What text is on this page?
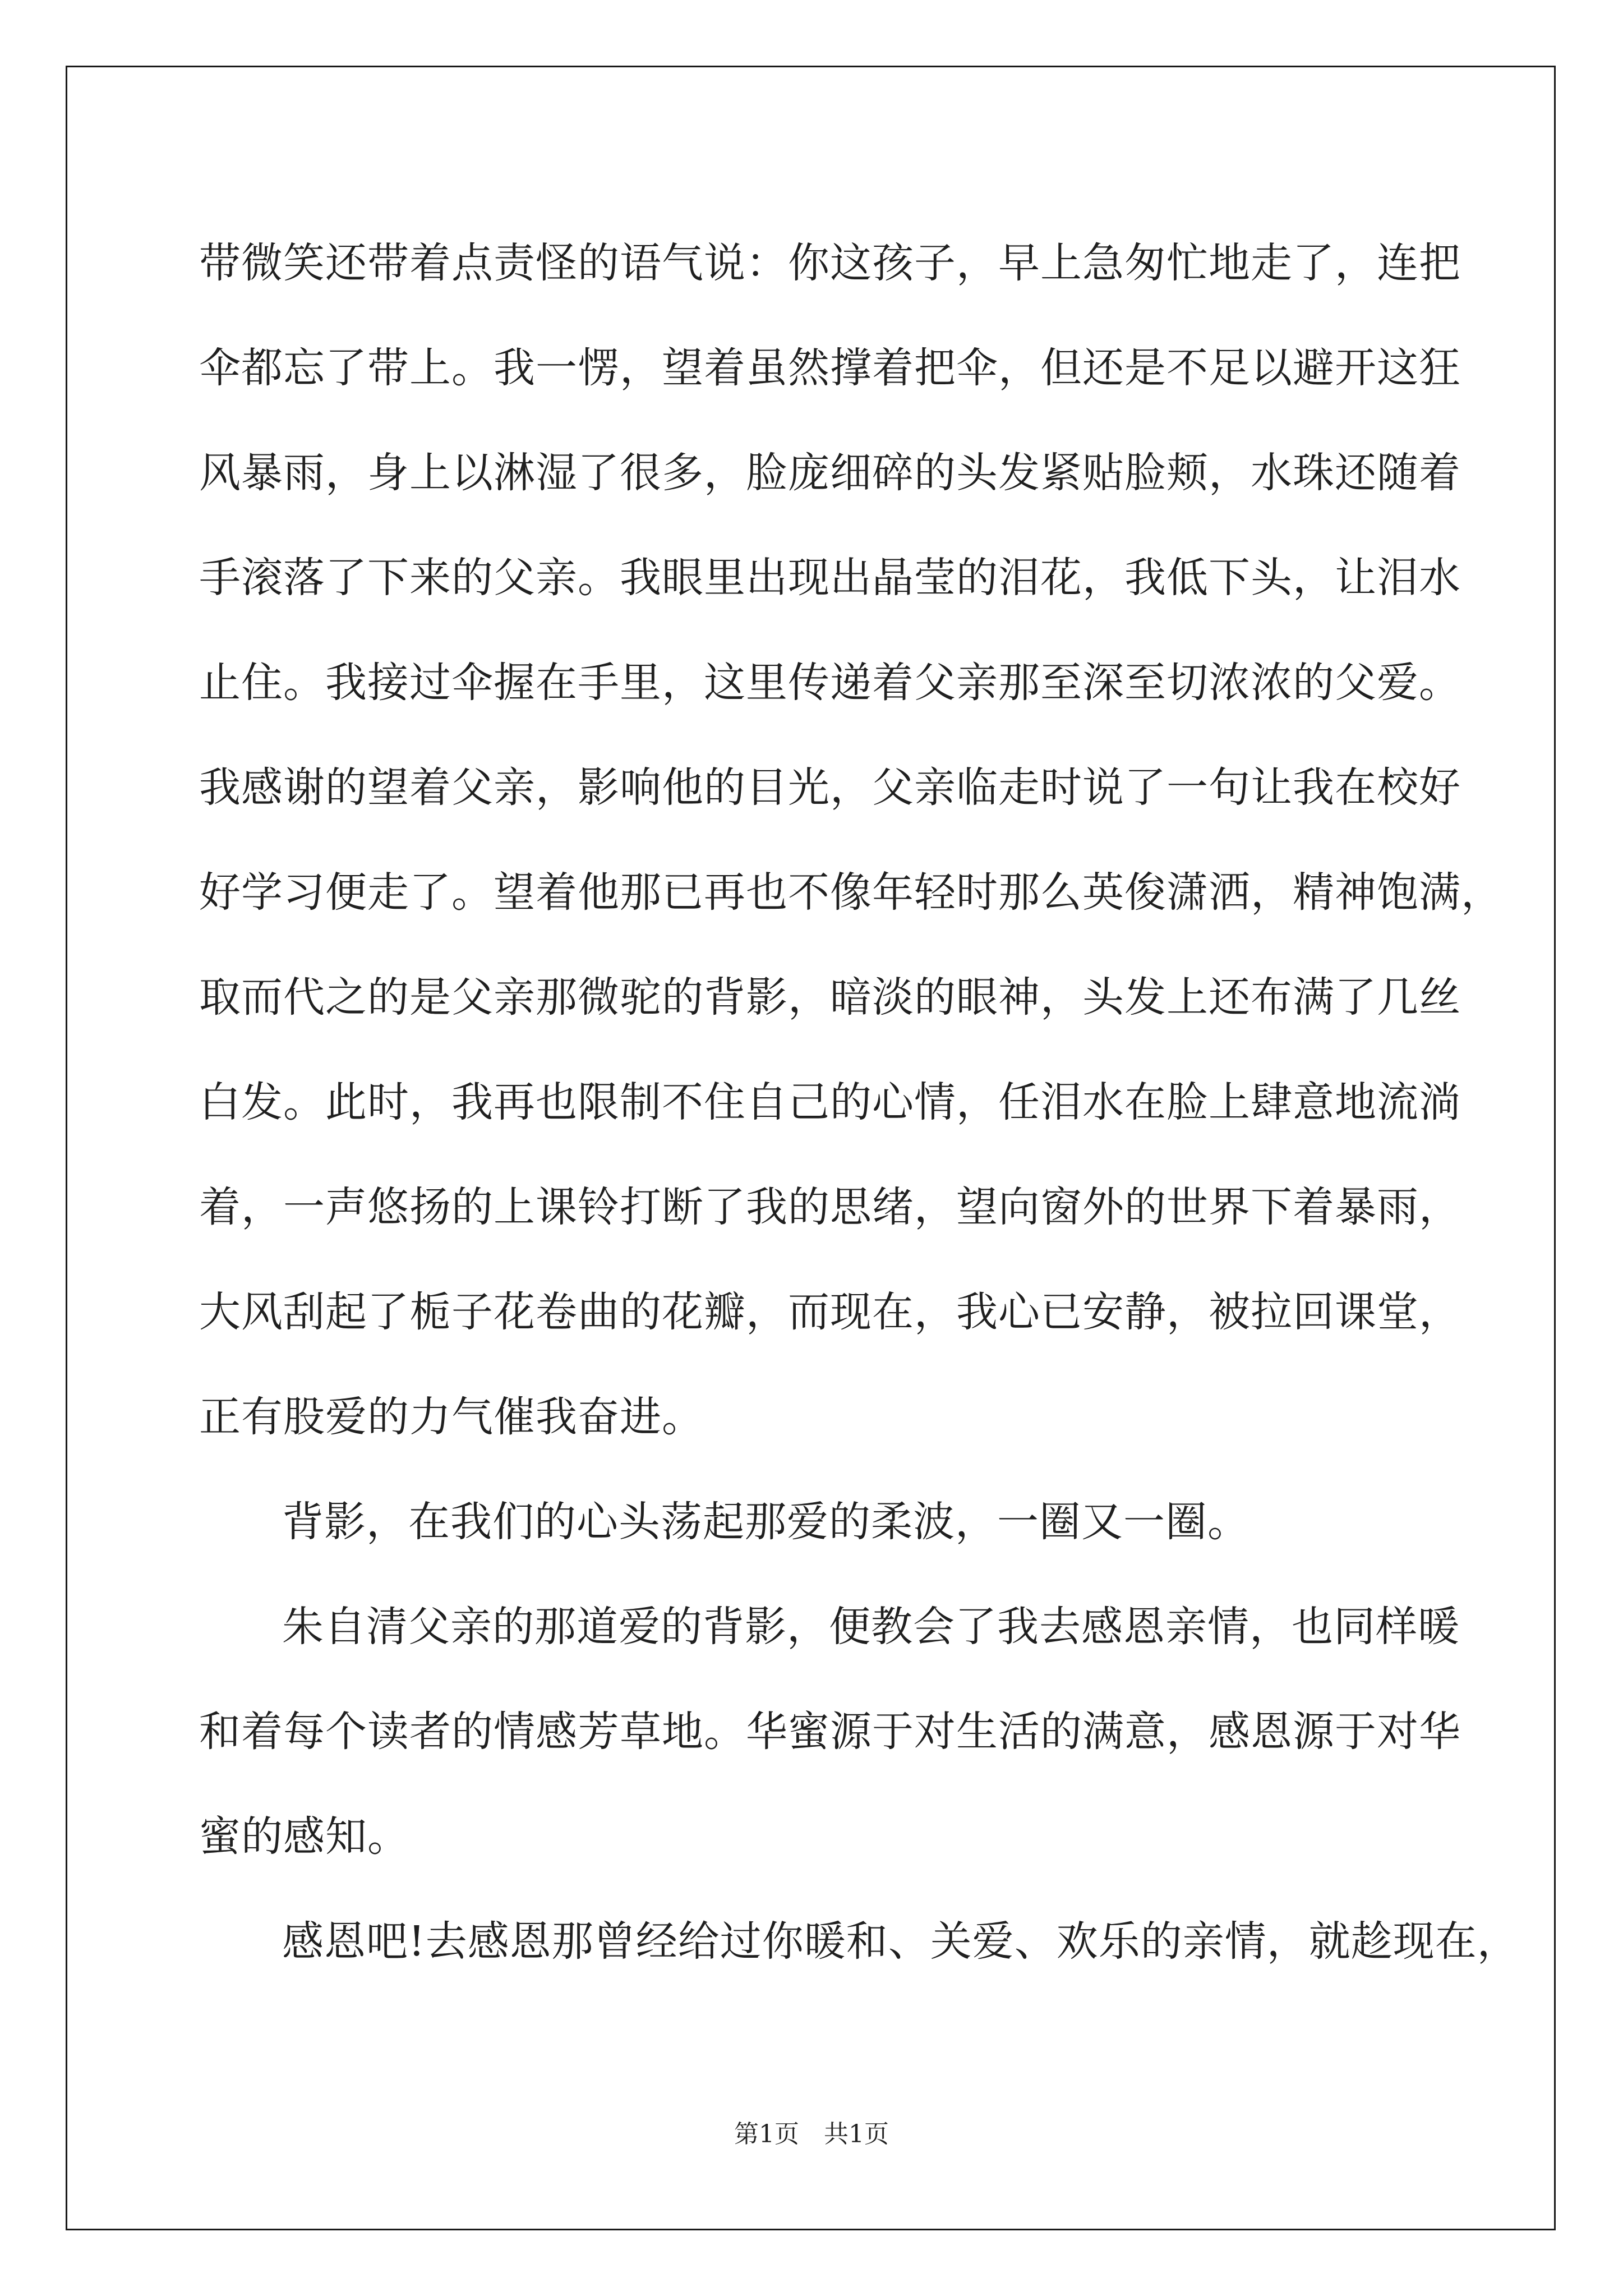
带微笑还带着点责怪的语气说：你这孩子，早上急匆忙地走了，连把
伞都忘了带上。我一愣，望着虽然撑着把伞，但还是不足以避开这狂
风暴雨，身上以淋湿了很多，脸庞细碎的头发紧贴脸颊，水珠还随着
手滚落了下来的父亲。我眼里出现出晶莹的泪花，我低下头，让泪水
止住。我接过伞握在手里，这里传递着父亲那至深至切浓浓的父爱。
我感谢的望着父亲，影响他的目光，父亲临走时说了一句让我在校好
好学习便走了。望着他那已再也不像年轻时那么英俊潇洒，精神饱满，
取而代之的是父亲那微驼的背影，暗淡的眼神，头发上还布满了几丝
白发。此时，我再也限制不住自己的心情，任泪水在脸上肆意地流淌
着，一声悠扬的上课铃打断了我的思绪，望向窗外的世界下着暴雨，
大风刮起了栀子花卷曲的花瓣，而现在，我心已安静，被拉回课堂，
正有股爱的力气催我奋进。
背影，在我们的心头荡起那爱的柔波，一圈又一圈。
朱自清父亲的那道爱的背影，便教会了我去感恩亲情，也同样暖
和着每个读者的情感芳草地。华蜜源于对生活的满意，感恩源于对华
蜜的感知。
感恩吧!去感恩那曾经给过你暖和、关爱、欢乐的亲情，就趁现在，
第1页　共1页
